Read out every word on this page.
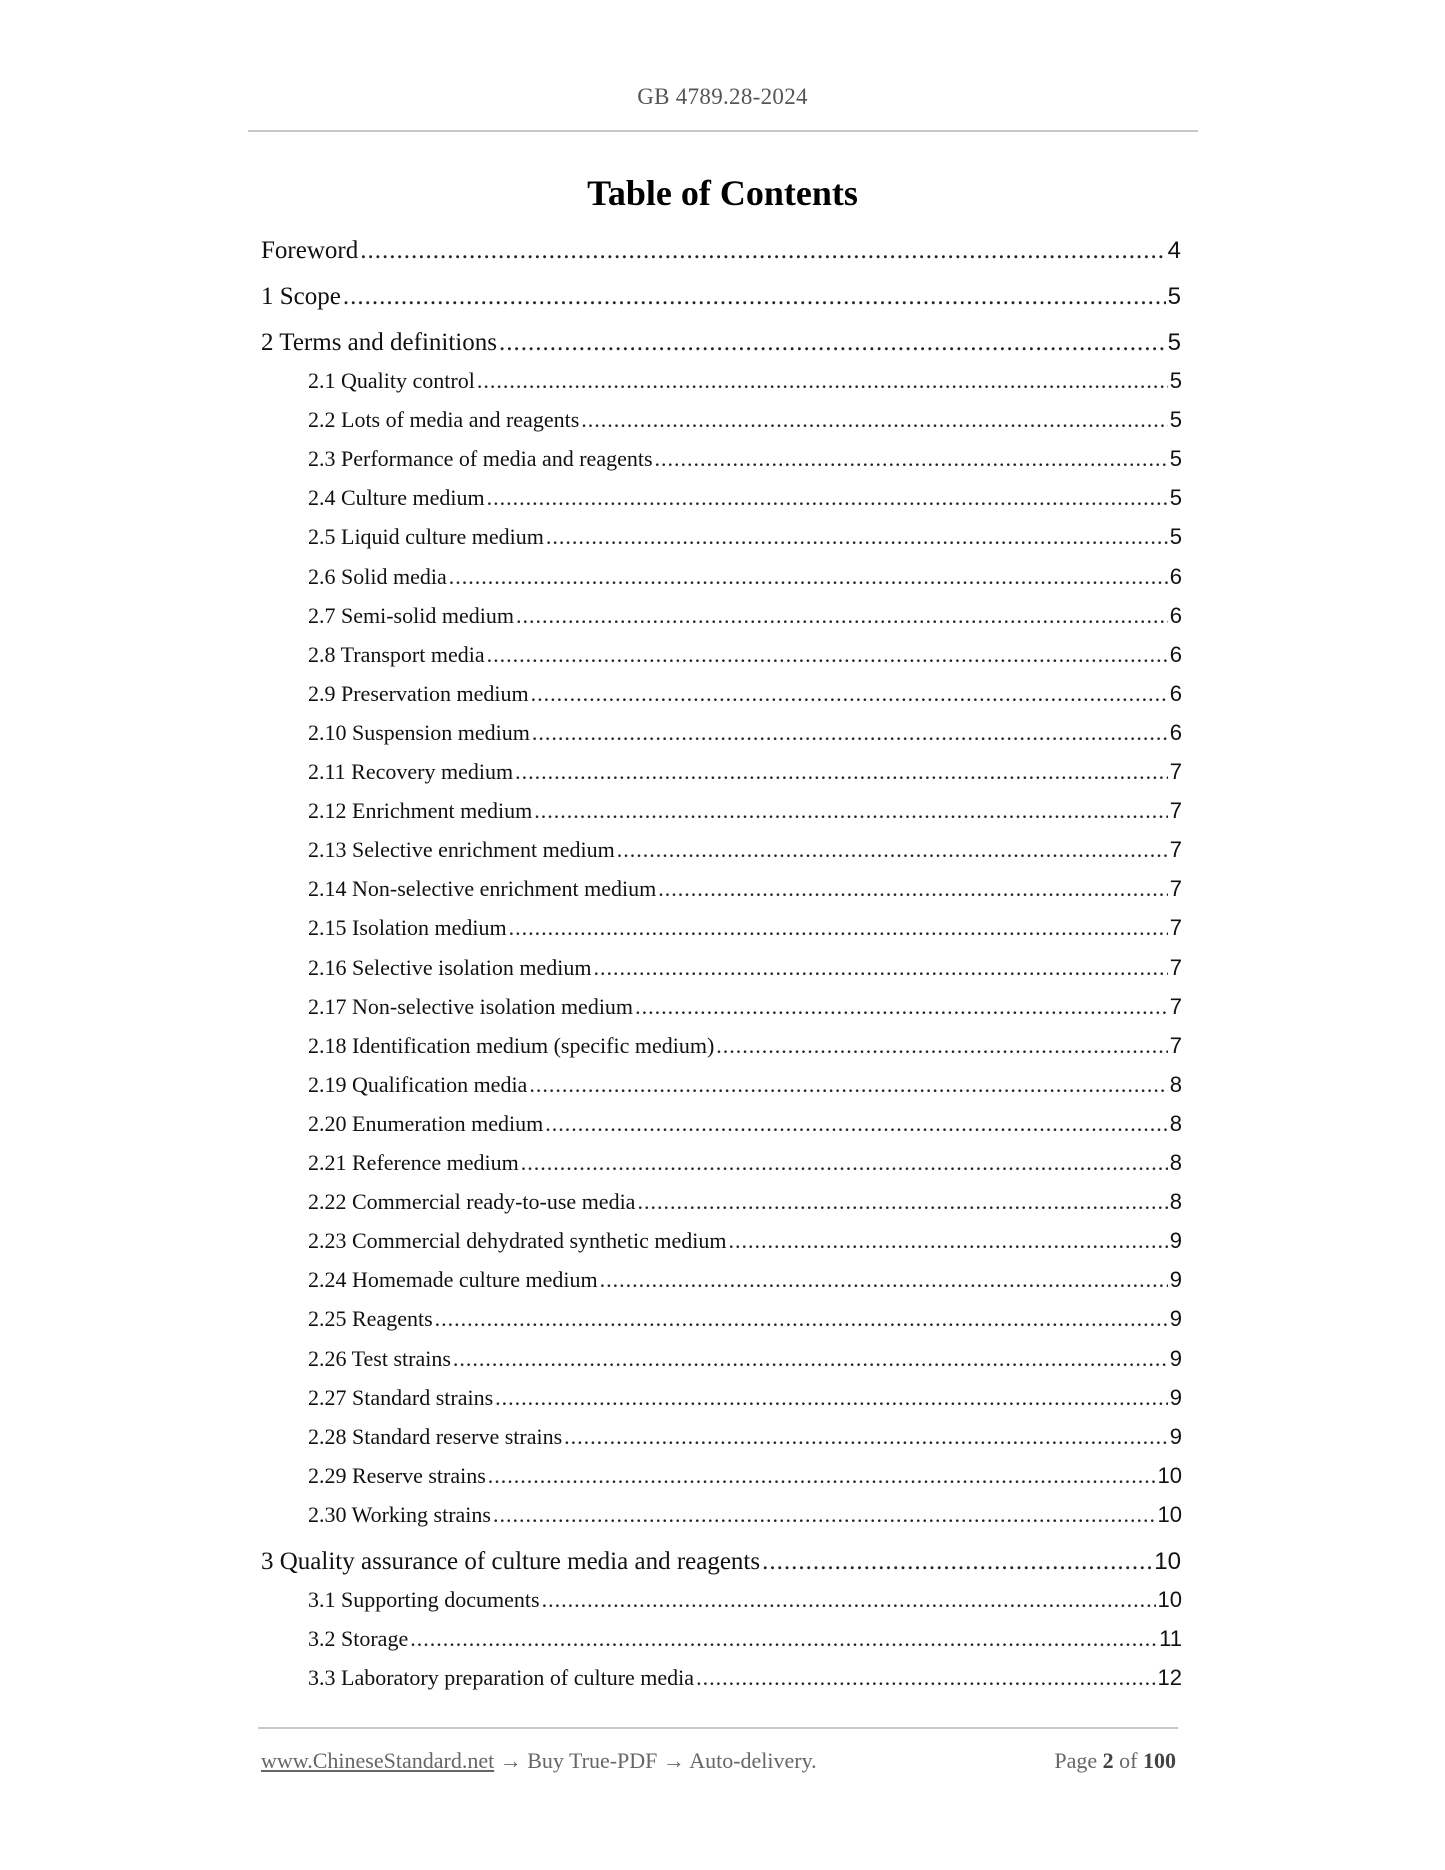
GB 4789.28-2024
Table of Contents
Foreword .....	4
1 Scope .....	5
2 Terms and definitions .....	5
2.1 Quality control .....	5
2.2 Lots of media and reagents .....	5
2.3 Performance of media and reagents .....	5
2.4 Culture medium .....	5
2.5 Liquid culture medium .....	5
2.6 Solid media .....	6
2.7 Semi-solid medium .....	6
2.8 Transport media .....	6
2.9 Preservation medium .....	6
2.10 Suspension medium .....	6
2.11 Recovery medium .....	7
2.12 Enrichment medium .....	7
2.13 Selective enrichment medium .....	7
2.14 Non-selective enrichment medium .....	7
2.15 Isolation medium .....	7
2.16 Selective isolation medium .....	7
2.17 Non-selective isolation medium .....	7
2.18 Identification medium (specific medium) .....	7
2.19 Qualification media .....	8
2.20 Enumeration medium .....	8
2.21 Reference medium .....	8
2.22 Commercial ready-to-use media .....	8
2.23 Commercial dehydrated synthetic medium .....	9
2.24 Homemade culture medium .....	9
2.25 Reagents .....	9
2.26 Test strains .....	9
2.27 Standard strains .....	9
2.28 Standard reserve strains .....	9
2.29 Reserve strains .....	10
2.30 Working strains .....	10
3 Quality assurance of culture media and reagents .....	10
3.1 Supporting documents .....	10
3.2 Storage .....	11
3.3 Laboratory preparation of culture media .....	12
www.ChineseStandard.net → Buy True-PDF → Auto-delivery.	Page 2 of 100
